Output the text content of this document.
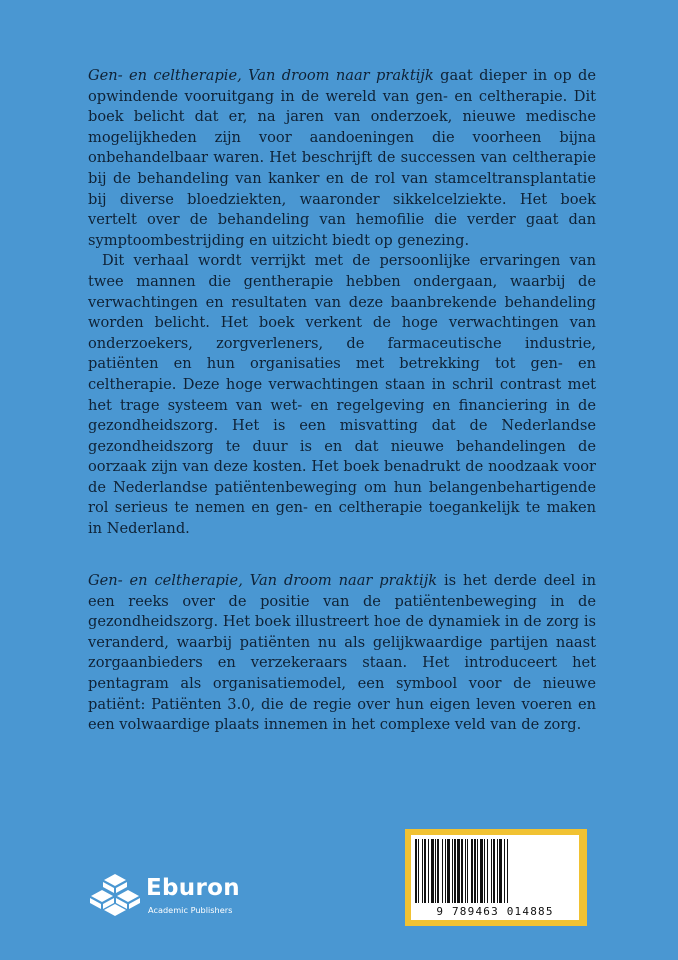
Gen- en celtherapie, Van droom naar praktijk gaat dieper in op de opwindende vooruitgang in de wereld van gen- en celtherapie. Dit boek belicht dat er, na jaren van onderzoek, nieuwe medische mogelijkheden zijn voor aandoeningen die voorheen bijna onbehandelbaar waren. Het beschrijft de successen van celtherapie bij de behandeling van kanker en de rol van stamceltransplantatie bij diverse bloedziekten, waaronder sikkelcelziekte. Het boek vertelt over de behandeling van hemofilie die verder gaat dan symptoombestrijding en uitzicht biedt op genezing.

Dit verhaal wordt verrijkt met de persoonlijke ervaringen van twee mannen die gentherapie hebben ondergaan, waarbij de verwachtingen en resultaten van deze baanbrekende behandeling worden belicht. Het boek verkent de hoge verwachtingen van onderzoekers, zorgverleners, de farmaceutische industrie, patiënten en hun organisaties met betrekking tot gen- en celtherapie. Deze hoge verwachtingen staan in schril contrast met het trage systeem van wet- en regelgeving en financiering in de gezondheidszorg. Het is een misvatting dat de Nederlandse gezondheidszorg te duur is en dat nieuwe behandelingen de oorzaak zijn van deze kosten. Het boek benadrukt de noodzaak voor de Nederlandse patiëntenbeweging om hun belangenbehartigende rol serieus te nemen en gen- en celtherapie toegankelijk te maken in Nederland.

Gen- en celtherapie, Van droom naar praktijk is het derde deel in een reeks over de positie van de patiëntenbeweging in de gezondheidszorg. Het boek illustreert hoe de dynamiek in de zorg is veranderd, waarbij patiënten nu als gelijkwaardige partijen naast zorgaanbieders en verzekeraars staan. Het introduceert het pentagram als organisatiemodel, een symbool voor de nieuwe patiënt: Patiënten 3.0, die de regie over hun eigen leven voeren en een volwaardige plaats innemen in het complexe veld van de zorg.

9 789463 014885
Eburon
Academic Publishers
